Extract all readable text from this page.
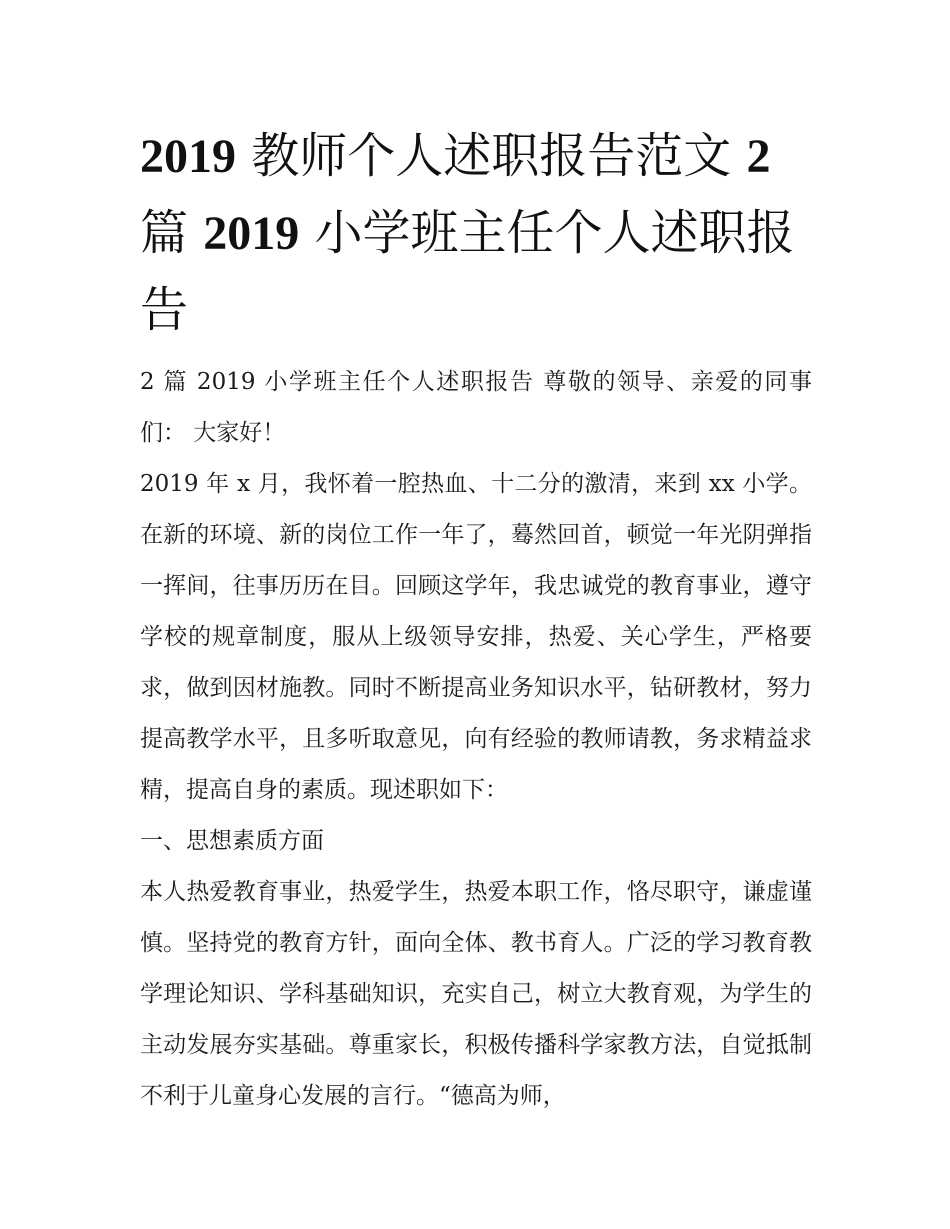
2019 教师个人述职报告范文 2 篇 2019 小学班主任个人述职报告

2 篇 2019 小学班主任个人述职报告 尊敬的领导、亲爱的同事们： 大家好！

2019 年 x 月，我怀着一腔热血、十二分的激清，来到 xx 小学。在新的环境、新的岗位工作一年了，蓦然回首，顿觉一年光阴弹指一挥间，往事历历在目。回顾这学年，我忠诚党的教育事业，遵守学校的规章制度，服从上级领导安排，热爱、关心学生，严格要求，做到因材施教。同时不断提高业务知识水平，钻研教材，努力提高教学水平，且多听取意见，向有经验的教师请教，务求精益求精，提高自身的素质。现述职如下：

一、思想素质方面

本人热爱教育事业，热爱学生，热爱本职工作，恪尽职守，谦虚谨慎。坚持党的教育方针，面向全体、教书育人。广泛的学习教育教学理论知识、学科基础知识，充实自己，树立大教育观，为学生的主动发展夯实基础。尊重家长，积极传播科学家教方法，自觉抵制不利于儿童身心发展的言行。“德高为师，
